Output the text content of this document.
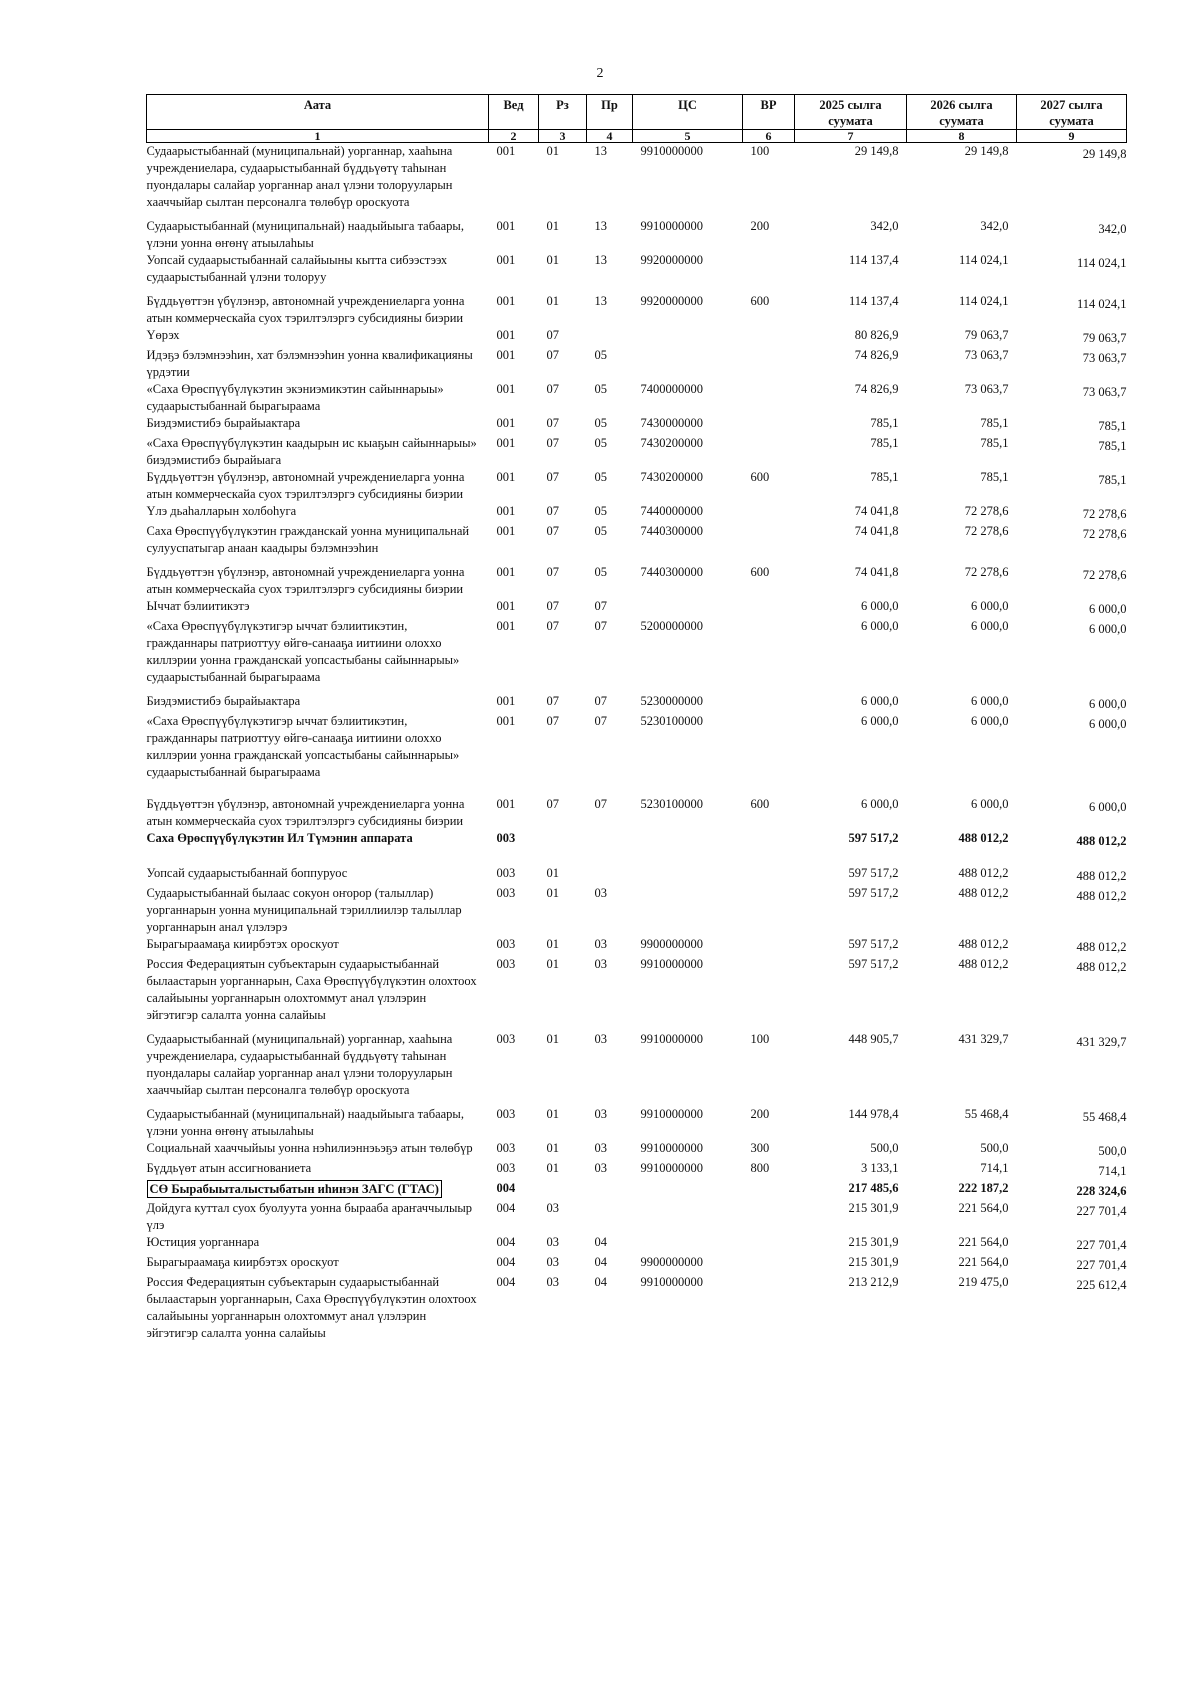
2
Аата	Вед	Рз	Пр	ЦС	ВР	2025 сылга суумата	2026 сылга суумата	2027 сылга суумата
1	2	3	4	5	6	7	8	9
Судаарыстыбаннай (муниципальнай) уорганнар, хааһына учреждениелара, судаарыстыбаннай бүддьүөтү таһынан пуондалары салайар уорганнар анал үлэни толорууларын хааччыйар сылтан персоналга төлөбүр ороскуота	001	01	13	9910000000	100	29 149,8	29 149,8	29 149,8
Судаарыстыбаннай (муниципальнай) наадыйыыга табаары, үлэни уонна өҥөнү атыылаһыы	001	01	13	9910000000	200	342,0	342,0	342,0
Уопсай судаарыстыбаннай салайыыны кытта сибээстээх судаарыстыбаннай үлэни толоруу	001	01	13	9920000000		114 137,4	114 024,1	114 024,1
Бүддьүөттэн үбүлэнэр, автономнай учреждениеларга уонна атын коммерческайа суох тэрилтэлэргэ субсидияны биэрии	001	01	13	9920000000	600	114 137,4	114 024,1	114 024,1
Үөрэх	001	07				80 826,9	79 063,7	79 063,7
Идэҕэ бэлэмнээһин, хат бэлэмнээһин уонна квалификацияны үрдэтии	001	07	05			74 826,9	73 063,7	73 063,7
«Саха Өрөспүүбүлүкэтин экэниэмикэтин сайыннарыы» судаарыстыбаннай бырагыраама	001	07	05	7400000000		74 826,9	73 063,7	73 063,7
Биэдэмистибэ бырайыактара	001	07	05	7430000000		785,1	785,1	785,1
«Саха Өрөспүүбүлүкэтин каадырын ис кыаҕын сайыннарыы» биэдэмистибэ бырайыага	001	07	05	7430200000		785,1	785,1	785,1
Бүддьүөттэн үбүлэнэр, автономнай учреждениеларга уонна атын коммерческайа суох тэрилтэлэргэ субсидияны биэрии	001	07	05	7430200000	600	785,1	785,1	785,1
Үлэ дьаһалларын холбоһуга	001	07	05	7440000000		74 041,8	72 278,6	72 278,6
Саха Өрөспүүбүлүкэтин гражданскай уонна муниципальнай сулууспатыгар анаан каадыры бэлэмнээһин	001	07	05	7440300000		74 041,8	72 278,6	72 278,6
Бүддьүөттэн үбүлэнэр, автономнай учреждениеларга уонна атын коммерческайа суох тэрилтэлэргэ субсидияны биэрии	001	07	05	7440300000	600	74 041,8	72 278,6	72 278,6
Ыччат бэлиитикэтэ	001	07	07			6 000,0	6 000,0	6 000,0
«Саха Өрөспүүбүлүкэтигэр ыччат бэлиитикэтин, гражданнары патриоттуу өйгө-санааҕа иитиини олоххо киллэрии уонна гражданскай уопсастыбаны сайыннарыы» судаарыстыбаннай бырагыраама	001	07	07	5200000000		6 000,0	6 000,0	6 000,0
Биэдэмистибэ бырайыактара	001	07	07	5230000000		6 000,0	6 000,0	6 000,0
«Саха Өрөспүүбүлүкэтигэр ыччат бэлиитикэтин, гражданнары патриоттуу өйгө-санааҕа иитиини олоххо киллэрии уонна гражданскай уопсастыбаны сайыннарыы» судаарыстыбаннай бырагыраама	001	07	07	5230100000		6 000,0	6 000,0	6 000,0
Бүддьүөттэн үбүлэнэр, автономнай учреждениеларга уонна атын коммерческайа суох тэрилтэлэргэ субсидияны биэрии	001	07	07	5230100000	600	6 000,0	6 000,0	6 000,0
Саха Өрөспүүбүлүкэтин Ил Түмэнин аппарата	003					597 517,2	488 012,2	488 012,2
Уопсай судаарыстыбаннай боппуруос	003	01				597 517,2	488 012,2	488 012,2
Судаарыстыбаннай былаас сокуон оҥорор (талыллар) уорганнарын уонна муниципальнай тэриллиилэр талыллар уорганнарын анал үлэлэрэ	003	01	03			597 517,2	488 012,2	488 012,2
Бырагыраамаҕа киирбэтэх ороскуот	003	01	03	9900000000		597 517,2	488 012,2	488 012,2
Россия Федерациятын субъектарын судаарыстыбаннай былаастарын уорганнарын, Саха Өрөспүүбүлүкэтин олохтоох салайыыны уорганнарын олохтоммут анал үлэлэрин эйгэтигэр салалта уонна салайыы	003	01	03	9910000000		597 517,2	488 012,2	488 012,2
Судаарыстыбаннай (муниципальнай) уорганнар, хааһына учреждениелара, судаарыстыбаннай бүддьүөтү таһынан пуондалары салайар уорганнар анал үлэни толорууларын хааччыйар сылтан персоналга төлөбүр ороскуота	003	01	03	9910000000	100	448 905,7	431 329,7	431 329,7
Судаарыстыбаннай (муниципальнай) наадыйыыга табаары, үлэни уонна өҥөнү атыылаһыы	003	01	03	9910000000	200	144 978,4	55 468,4	55 468,4
Социальнай хааччыйыы уонна нэһилиэннэьэҕэ атын төлөбүр	003	01	03	9910000000	300	500,0	500,0	500,0
Бүддьүөт атын ассигнованиета	003	01	03	9910000000	800	3 133,1	714,1	714,1
СӨ Бырабыыталыстыбатын иһинэн ЗАГС (ГТАС)	004					217 485,6	222 187,2	228 324,6
Дойдуга куттал суох буолуута уонна бырааба араҥаччылыыр үлэ	004	03				215 301,9	221 564,0	227 701,4
Юстиция уорганнара	004	03	04			215 301,9	221 564,0	227 701,4
Бырагыраамаҕа киирбэтэх ороскуот	004	03	04	9900000000		215 301,9	221 564,0	227 701,4
Россия Федерациятын субъектарын судаарыстыбаннай былаастарын уорганнарын, Саха Өрөспүүбүлүкэтин олохтоох салайыыны уорганнарын олохтоммут анал үлэлэрин эйгэтигэр салалта уонна салайыы	004	03	04	9910000000		213 212,9	219 475,0	225 612,4
